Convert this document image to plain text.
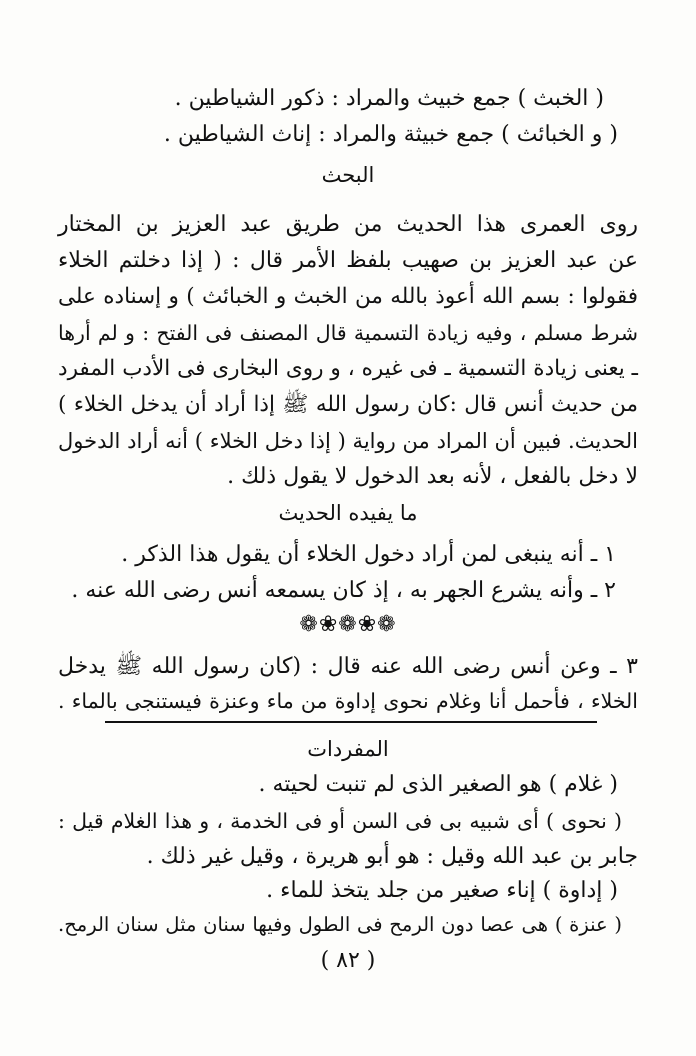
( الخبث ) جمع خبيث والمراد : ذكور الشياطين .
( و الخبائث ) جمع خبيثة والمراد : إناث الشياطين .
البحث
روى العمرى هذا الحديث من طريق عبد العزيز بن المختار
عن عبد العزيز بن صهيب بلفظ الأمر قال : ( إذا دخلتم الخلاء
فقولوا : بسم الله أعوذ بالله من الخبث و الخبائث ) و إسناده على
شرط مسلم ، وفيه زيادة التسمية قال المصنف فى الفتح : و لم أرها
ـ يعنى زيادة التسمية ـ فى غيره ، و روى البخارى فى الأدب المفرد
من حديث أنس قال :كان رسول الله ﷺ إذا أراد أن يدخل الخلاء )
الحديث. فبين أن المراد من رواية ( إذا دخل الخلاء ) أنه أراد الدخول
لا دخل بالفعل ، لأنه بعد الدخول لا يقول ذلك .
ما يفيده الحديث
١ ـ أنه ينبغى لمن أراد دخول الخلاء أن يقول هذا الذكر .
٢ ـ وأنه يشرع الجهر به ، إذ كان يسمعه أنس رضى الله عنه .
❁❀❁❀❁
٣ ـ وعن أنس رضى الله عنه قال : (كان رسول الله ﷺ يدخل
الخلاء ، فأحمل أنا وغلام نحوى إداوة من ماء وعنزة فيستنجى بالماء .
المفردات
( غلام ) هو الصغير الذى لم تنبت لحيته .
( نحوى ) أى شبيه بى فى السن أو فى الخدمة ، و هذا الغلام قيل :
جابر بن عبد الله وقيل : هو أبو هريرة ، وقيل غير ذلك .
( إداوة ) إناء صغير من جلد يتخذ للماء .
( عنزة ) هى عصا دون الرمح فى الطول وفيها سنان مثل سنان الرمح.
( ٨٢ )
